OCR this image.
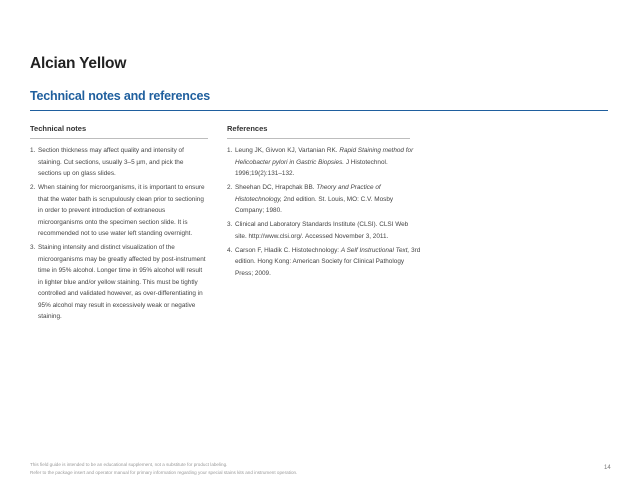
Alcian Yellow
Technical notes and references
Technical notes
1. Section thickness may affect quality and intensity of staining. Cut sections, usually 3–5 µm, and pick the sections up on glass slides.
2. When staining for microorganisms, it is important to ensure that the water bath is scrupulously clean prior to sectioning in order to prevent introduction of extraneous microorganisms onto the specimen section slide. It is recommended not to use water left standing overnight.
3. Staining intensity and distinct visualization of the microorganisms may be greatly affected by post-instrument time in 95% alcohol. Longer time in 95% alcohol will result in lighter blue and/or yellow staining. This must be tightly controlled and validated however, as over-differentiating in 95% alcohol may result in excessively weak or negative staining.
References
1. Leung JK, Givvon KJ, Vartanian RK. Rapid Staining method for Helicobacter pylori in Gastric Biopsies. J Histotechnol. 1996;19(2):131–132.
2. Sheehan DC, Hrapchak BB. Theory and Practice of Histotechnology, 2nd edition. St. Louis, MO: C.V. Mosby Company; 1980.
3. Clinical and Laboratory Standards Institute (CLSI). CLSI Web site. http://www.clsi.org/. Accessed November 3, 2011.
4. Carson F, Hladik C. Histotechnology: A Self Instructional Text, 3rd edition. Hong Kong: American Society for Clinical Pathology Press; 2009.
This field guide is intended to be an educational supplement, not a substitute for product labeling.
Refer to the package insert and operator manual for primary information regarding your special stains kits and instrument operation.
14
